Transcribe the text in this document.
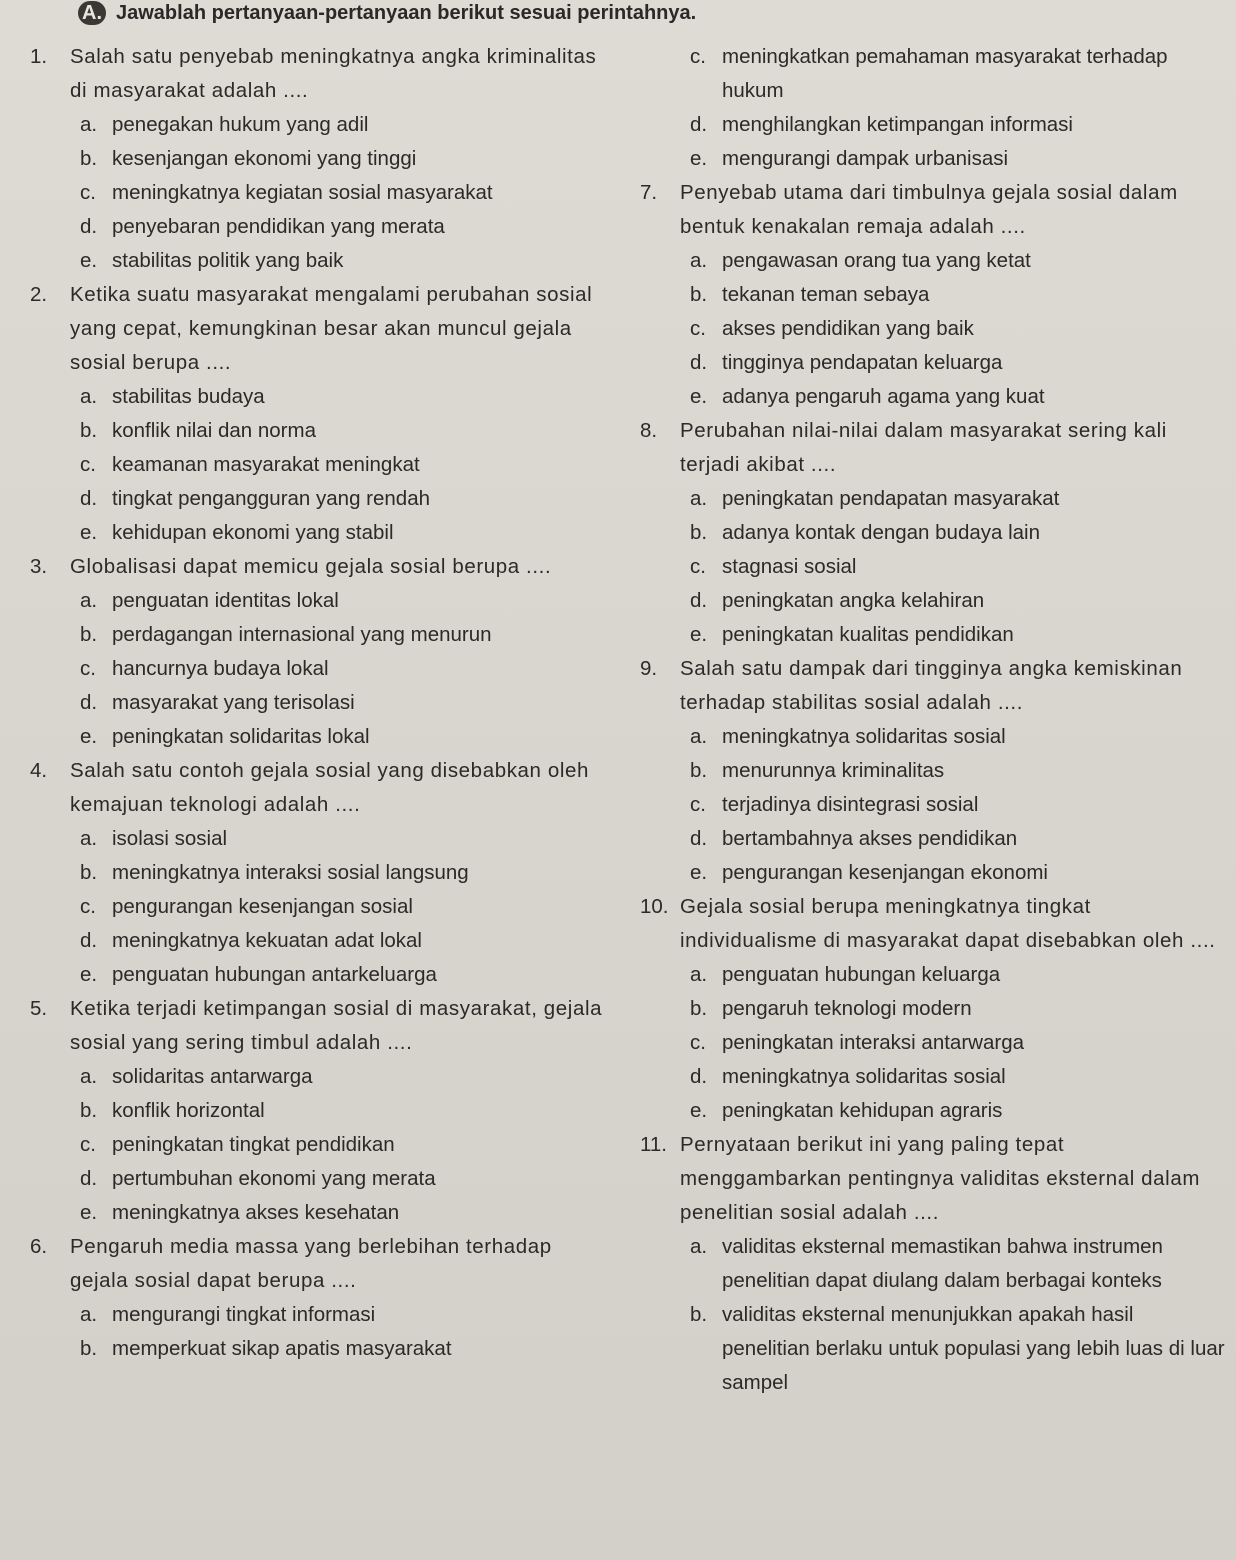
A. Jawablah pertanyaan-pertanyaan berikut sesuai perintahnya.
1.	Salah satu penyebab meningkatnya angka kriminalitas di masyarakat adalah ....
a. penegakan hukum yang adil
b. kesenjangan ekonomi yang tinggi
c. meningkatnya kegiatan sosial masyarakat
d. penyebaran pendidikan yang merata
e. stabilitas politik yang baik
2.	Ketika suatu masyarakat mengalami perubahan sosial yang cepat, kemungkinan besar akan muncul gejala sosial berupa ....
a. stabilitas budaya
b. konflik nilai dan norma
c. keamanan masyarakat meningkat
d. tingkat pengangguran yang rendah
e. kehidupan ekonomi yang stabil
3.	Globalisasi dapat memicu gejala sosial berupa ....
a. penguatan identitas lokal
b. perdagangan internasional yang menurun
c. hancurnya budaya lokal
d. masyarakat yang terisolasi
e. peningkatan solidaritas lokal
4.	Salah satu contoh gejala sosial yang disebabkan oleh kemajuan teknologi adalah ....
a. isolasi sosial
b. meningkatnya interaksi sosial langsung
c. pengurangan kesenjangan sosial
d. meningkatnya kekuatan adat lokal
e. penguatan hubungan antarkeluarga
5.	Ketika terjadi ketimpangan sosial di masyarakat, gejala sosial yang sering timbul adalah ....
a. solidaritas antarwarga
b. konflik horizontal
c. peningkatan tingkat pendidikan
d. pertumbuhan ekonomi yang merata
e. meningkatnya akses kesehatan
6.	Pengaruh media massa yang berlebihan terhadap gejala sosial dapat berupa ....
a. mengurangi tingkat informasi
b. memperkuat sikap apatis masyarakat
c. meningkatkan pemahaman masyarakat terhadap hukum
d. menghilangkan ketimpangan informasi
e. mengurangi dampak urbanisasi
7.	Penyebab utama dari timbulnya gejala sosial dalam bentuk kenakalan remaja adalah ....
a. pengawasan orang tua yang ketat
b. tekanan teman sebaya
c. akses pendidikan yang baik
d. tingginya pendapatan keluarga
e. adanya pengaruh agama yang kuat
8.	Perubahan nilai-nilai dalam masyarakat sering kali terjadi akibat ....
a. peningkatan pendapatan masyarakat
b. adanya kontak dengan budaya lain
c. stagnasi sosial
d. peningkatan angka kelahiran
e. peningkatan kualitas pendidikan
9.	Salah satu dampak dari tingginya angka kemiskinan terhadap stabilitas sosial adalah ....
a. meningkatnya solidaritas sosial
b. menurunnya kriminalitas
c. terjadinya disintegrasi sosial
d. bertambahnya akses pendidikan
e. pengurangan kesenjangan ekonomi
10. Gejala sosial berupa meningkatnya tingkat individualisme di masyarakat dapat disebabkan oleh ....
a. penguatan hubungan keluarga
b. pengaruh teknologi modern
c. peningkatan interaksi antarwarga
d. meningkatnya solidaritas sosial
e. peningkatan kehidupan agraris
11. Pernyataan berikut ini yang paling tepat menggambarkan pentingnya validitas eksternal dalam penelitian sosial adalah ....
a. validitas eksternal memastikan bahwa instrumen penelitian dapat diulang dalam berbagai konteks
b. validitas eksternal menunjukkan apakah hasil penelitian berlaku untuk populasi yang lebih luas di luar sampel
